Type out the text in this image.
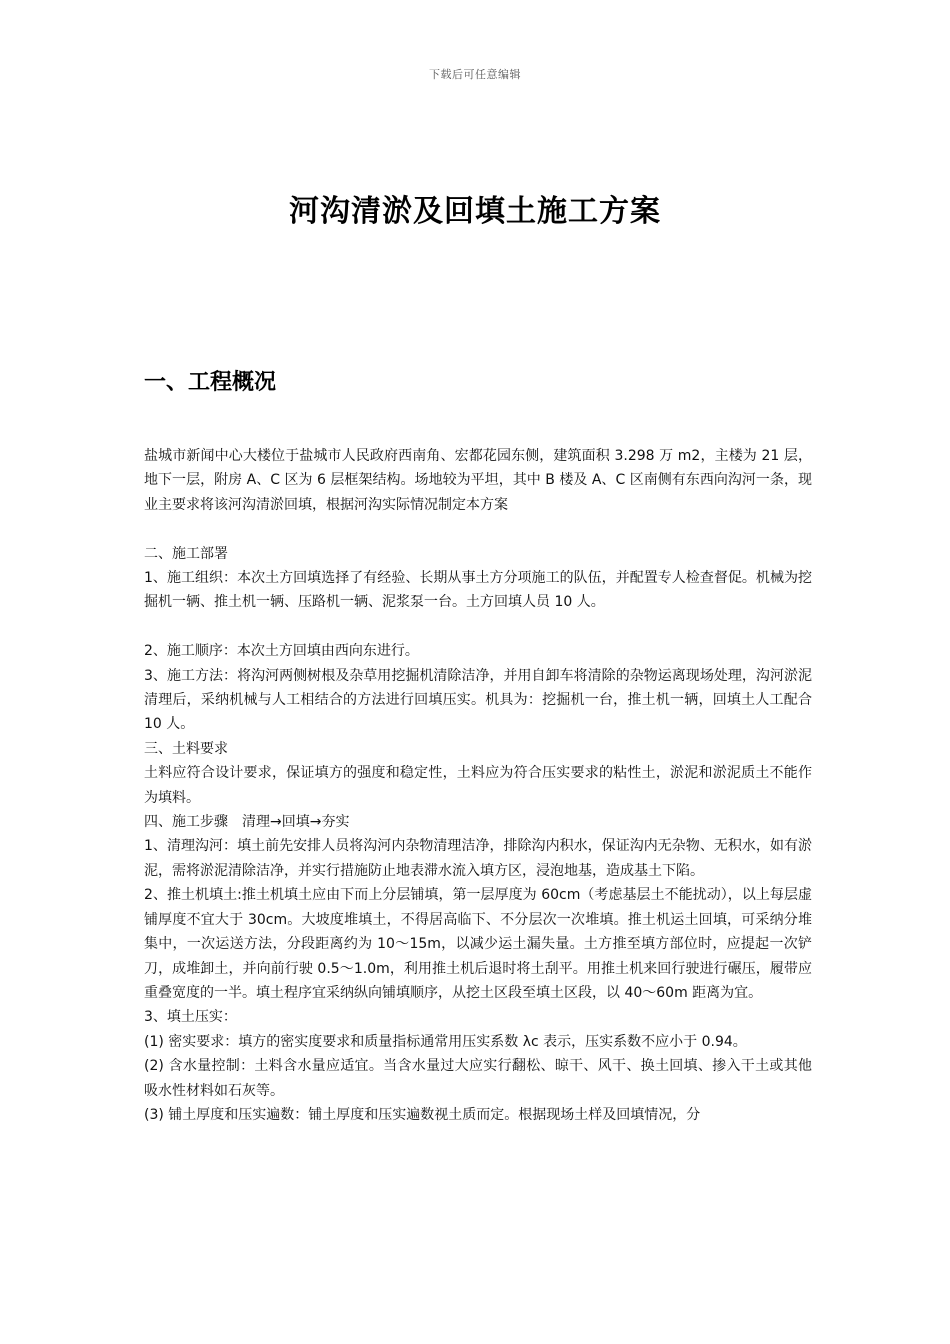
下载后可任意编辑
河沟清淤及回填土施工方案
一、工程概况

盐城市新闻中心大楼位于盐城市人民政府西南角、宏都花园东侧，建筑面积 3.298 万 m2，主楼为 21 层，地下一层，附房 A、C 区为 6 层框架结构。场地较为平坦，其中 B 楼及 A、C 区南侧有东西向沟河一条，现业主要求将该河沟清淤回填，根据河沟实际情况制定本方案

二、施工部署

1、施工组织：本次土方回填选择了有经验、长期从事土方分项施工的队伍，并配置专人检查督促。机械为挖掘机一辆、推土机一辆、压路机一辆、泥浆泵一台。土方回填人员 10 人。

2、施工顺序：本次土方回填由西向东进行。

3、施工方法：将沟河两侧树根及杂草用挖掘机清除洁净，并用自卸车将清除的杂物运离现场处理，沟河淤泥清理后，采纳机械与人工相结合的方法进行回填压实。机具为：挖掘机一台，推土机一辆，回填土人工配合 10 人。

三、土料要求

土料应符合设计要求，保证填方的强度和稳定性，土料应为符合压实要求的粘性土，淤泥和淤泥质土不能作为填料。

四、施工步骤　清理→回填→夯实

1、清理沟河：填土前先安排人员将沟河内杂物清理洁净，排除沟内积水，保证沟内无杂物、无积水，如有淤泥，需将淤泥清除洁净，并实行措施防止地表滞水流入填方区，浸泡地基，造成基土下陷。

2、推土机填土:推土机填土应由下而上分层铺填，第一层厚度为 60cm（考虑基层土不能扰动），以上每层虚铺厚度不宜大于 30cm。大坡度堆填土，不得居高临下、不分层次一次堆填。推土机运土回填，可采纳分堆集中，一次运送方法，分段距离约为 10～15m，以减少运土漏失量。土方推至填方部位时，应提起一次铲刀，成堆卸土，并向前行驶 0.5～1.0m，利用推土机后退时将土刮平。用推土机来回行驶进行碾压，履带应重叠宽度的一半。填土程序宜采纳纵向铺填顺序，从挖土区段至填土区段，以 40～60m 距离为宜。

3、填土压实：

(1) 密实要求：填方的密实度要求和质量指标通常用压实系数 λc 表示，压实系数不应小于 0.94。

(2) 含水量控制：土料含水量应适宜。当含水量过大应实行翻松、晾干、风干、换土回填、掺入干土或其他吸水性材料如石灰等。

(3) 铺土厚度和压实遍数：铺土厚度和压实遍数视土质而定。根据现场土样及回填情况，分
